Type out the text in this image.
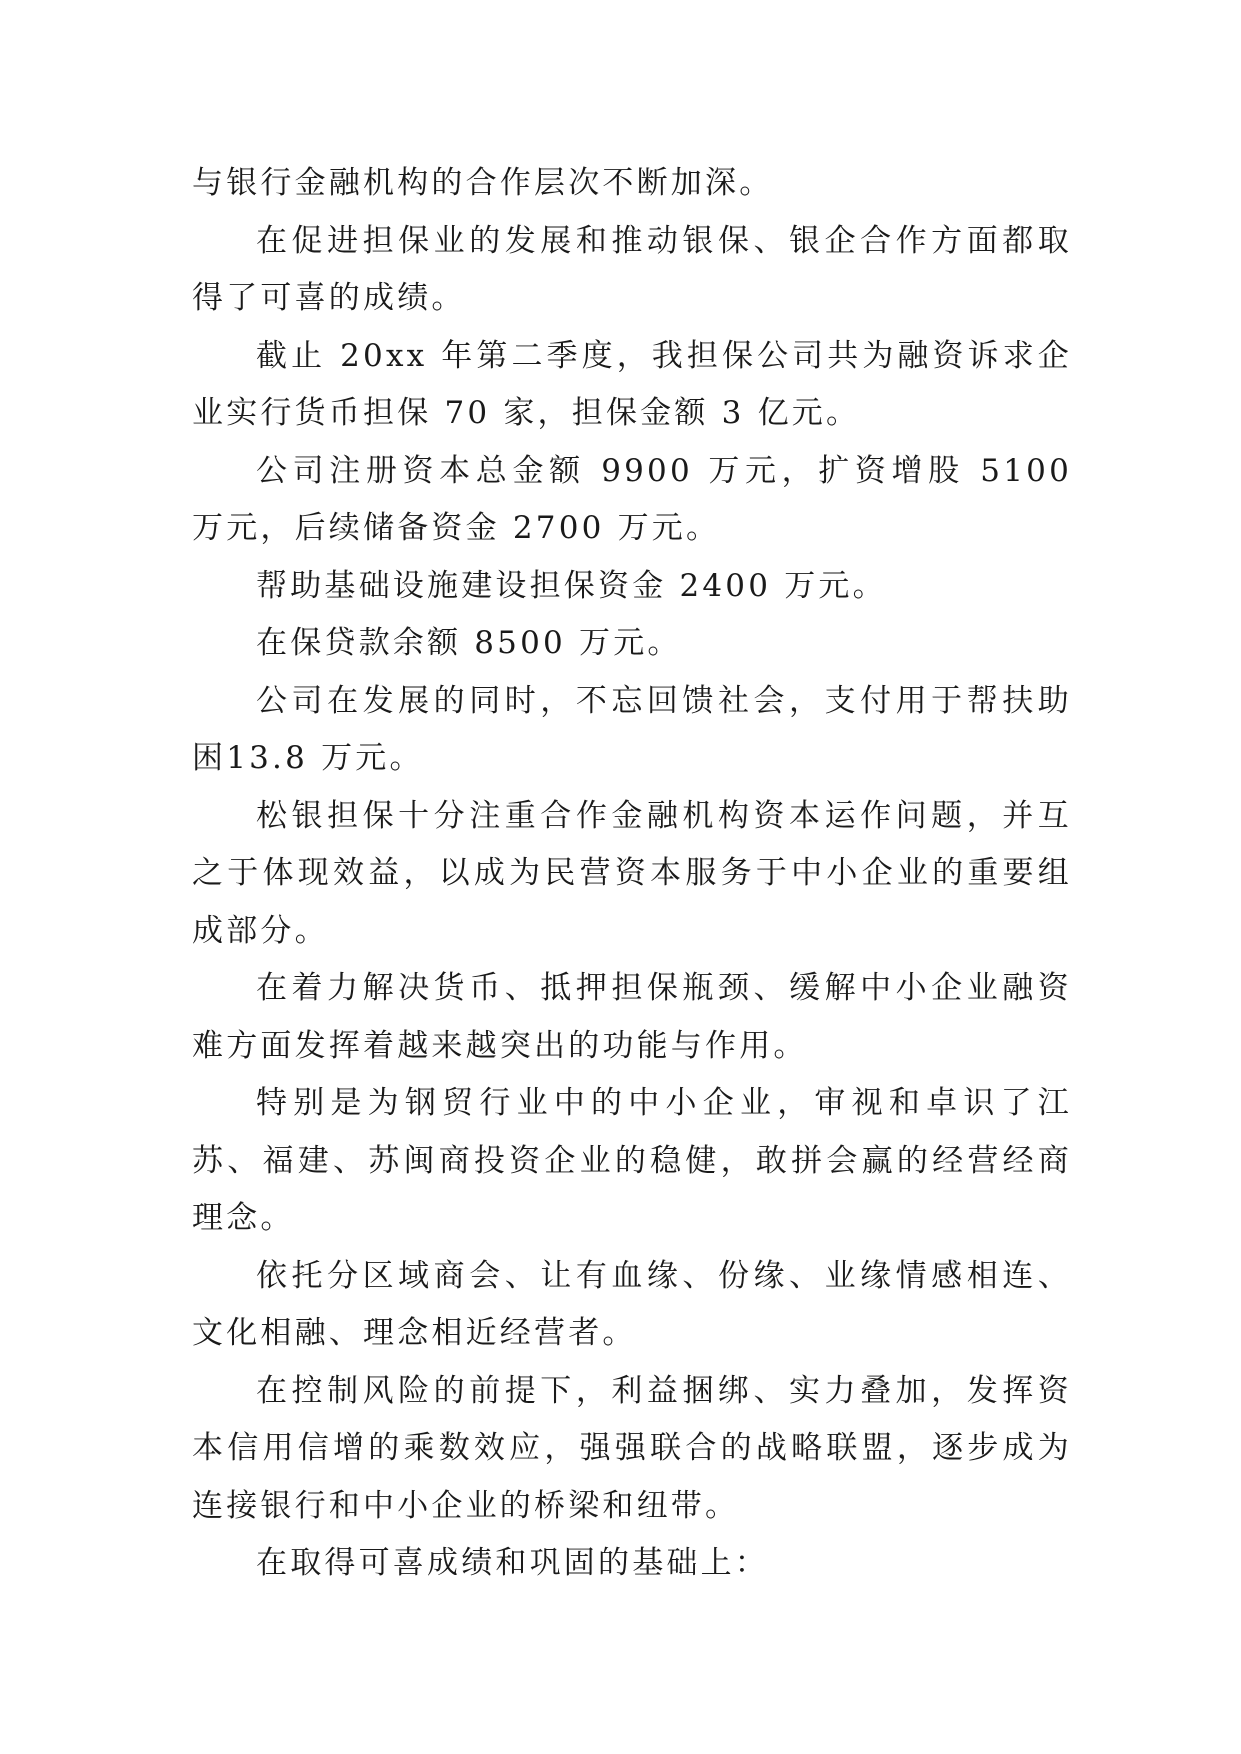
与银行金融机构的合作层次不断加深。

在促进担保业的发展和推动银保、银企合作方面都取得了可喜的成绩。

截止 20xx 年第二季度，我担保公司共为融资诉求企业实行货币担保 70 家，担保金额 3 亿元。

公司注册资本总金额 9900 万元，扩资增股 5100 万元，后续储备资金 2700 万元。

帮助基础设施建设担保资金 2400 万元。

在保贷款余额 8500 万元。

公司在发展的同时，不忘回馈社会，支付用于帮扶助困13.8 万元。

松银担保十分注重合作金融机构资本运作问题，并互之于体现效益，以成为民营资本服务于中小企业的重要组成部分。

在着力解决货币、抵押担保瓶颈、缓解中小企业融资难方面发挥着越来越突出的功能与作用。

特别是为钢贸行业中的中小企业，审视和卓识了江苏、福建、苏闽商投资企业的稳健，敢拼会赢的经营经商理念。

依托分区域商会、让有血缘、份缘、业缘情感相连、文化相融、理念相近经营者。

在控制风险的前提下，利益捆绑、实力叠加，发挥资本信用信增的乘数效应，强强联合的战略联盟，逐步成为连接银行和中小企业的桥梁和纽带。

在取得可喜成绩和巩固的基础上：
